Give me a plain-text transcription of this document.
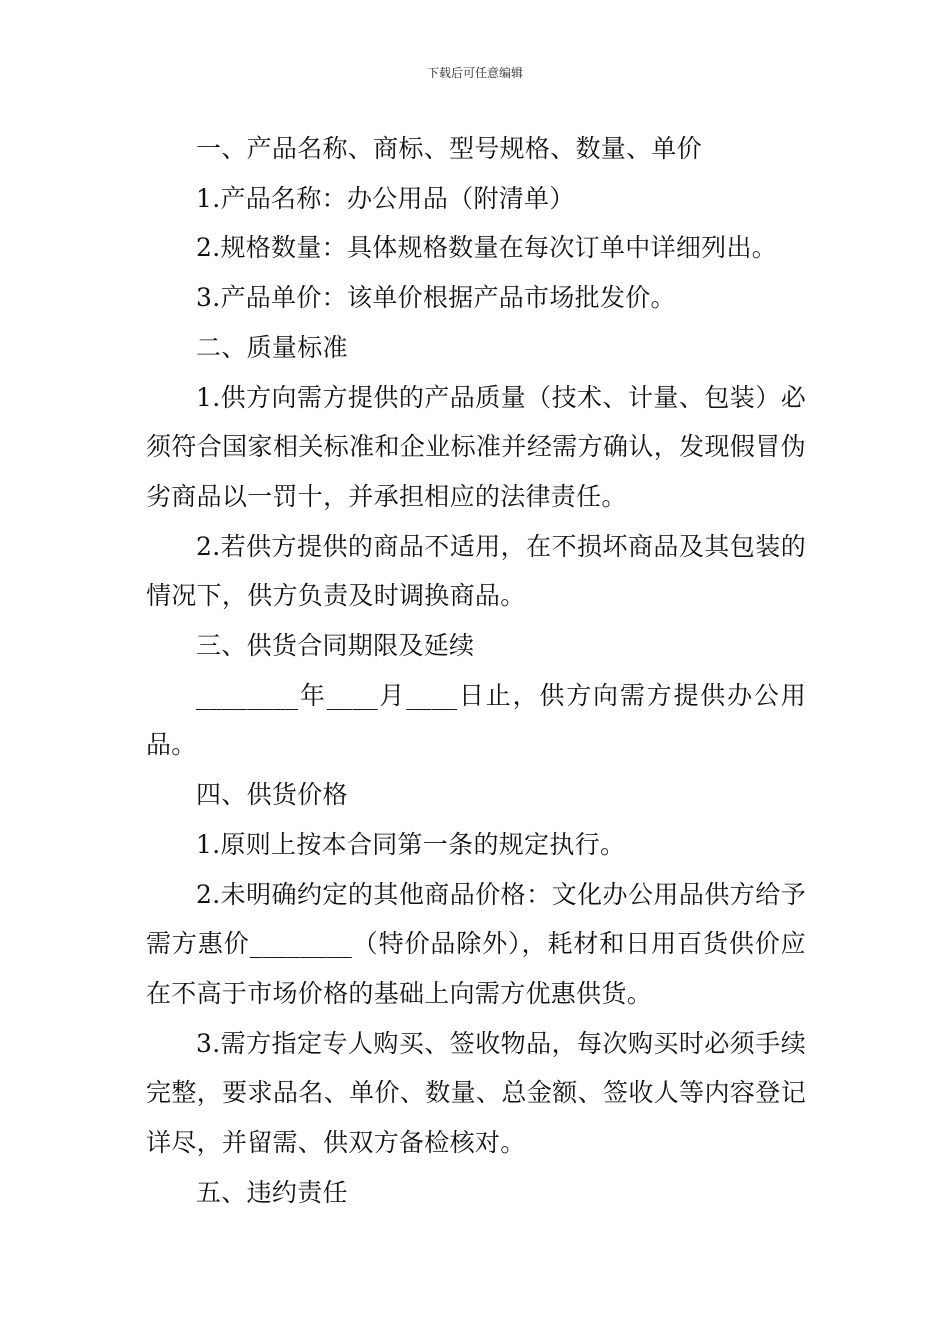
下载后可任意编辑

一、产品名称、商标、型号规格、数量、单价

1.产品名称：办公用品（附清单）

2.规格数量：具体规格数量在每次订单中详细列出。

3.产品单价：该单价根据产品市场批发价。

二、质量标准

1.供方向需方提供的产品质量（技术、计量、包装）必须符合国家相关标准和企业标准并经需方确认，发现假冒伪劣商品以一罚十，并承担相应的法律责任。

2.若供方提供的商品不适用，在不损坏商品及其包装的情况下，供方负责及时调换商品。

三、供货合同期限及延续

________年____月____日止，供方向需方提供办公用品。

四、供货价格

1.原则上按本合同第一条的规定执行。

2.未明确约定的其他商品价格：文化办公用品供方给予需方惠价________（特价品除外），耗材和日用百货供价应在不高于市场价格的基础上向需方优惠供货。

3.需方指定专人购买、签收物品，每次购买时必须手续完整，要求品名、单价、数量、总金额、签收人等内容登记详尽，并留需、供双方备检核对。

五、违约责任
